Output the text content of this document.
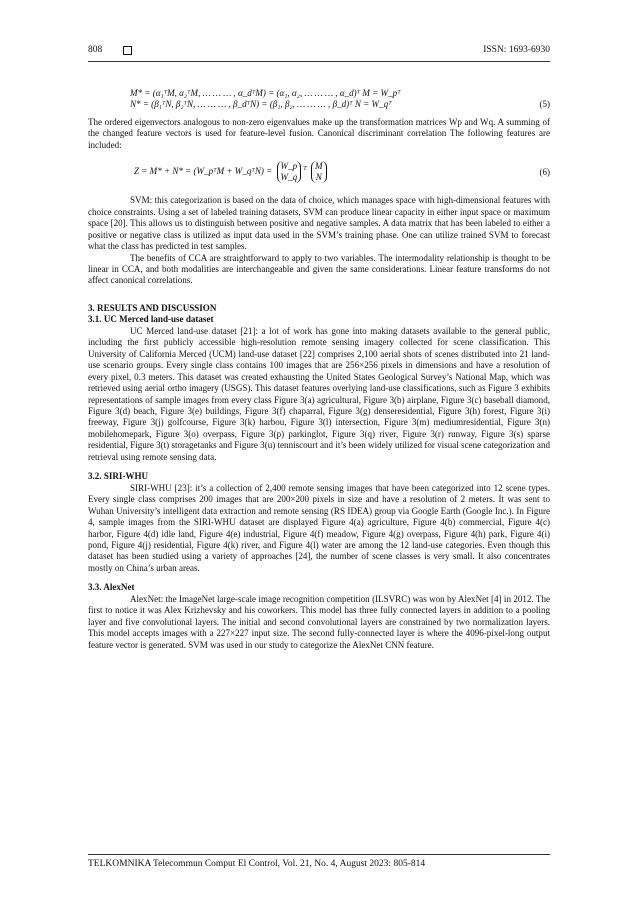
808	ISSN: 1693-6930
M* = (α₁ᵀM, α₂ᵀM, … … … , α_dᵀM) = (α₁, α₂, … … … , α_d)ᵀ M = W_pᵀ
N* = (β₁ᵀN, β₂ᵀN, … … … , β_dᵀN) = (β₁, β₂, … … … , β_d)ᵀ N = W_qᵀ	(5)

The ordered eigenvectors analogous to non-zero eigenvalues make up the transformation matrices Wp and Wq. A summing of the changed feature vectors is used for feature-level fusion. Canonical discriminant correlation The following features are included:

Z = M* + N* = (W_pᵀM + W_qᵀN) = W_p
$W\_q^T$ M
N	(6)

SVM: this categorization is based on the data of choice, which manages space with high-dimensional features with choice constraints. Using a set of labeled training datasets, SVM can produce linear capacity in either input space or maximum space [20]. This allows us to distinguish between positive and negative samples. A data matrix that has been labeled to either a positive or negative class is utilized as input data used in the SVM’s training phase. One can utilize trained SVM to forecast what the class has predicted in test samples.

The benefits of CCA are straightforward to apply to two variables. The intermodality relationship is thought to be linear in CCA, and both modalities are interchangeable and given the same considerations. Linear feature transforms do not affect canonical correlations.

3. RESULTS AND DISCUSSION
3.1. UC Merced land-use dataset

UC Merced land-use dataset [21]: a lot of work has gone into making datasets available to the general public, including the first publicly accessible high-resolution remote sensing imagery collected for scene classification. This University of California Merced (UCM) land-use dataset [22] comprises 2,100 aerial shots of scenes distributed into 21 land-use scenario groups. Every single class contains 100 images that are 256×256 pixels in dimensions and have a resolution of every pixel, 0.3 meters. This dataset was created exhausting the United States Geological Survey’s National Map, which was retrieved using aerial ortho imagery (USGS). This dataset features overlying land-use classifications, such as Figure 3 exhibits representations of sample images from every class Figure 3(a) agricultural, Figure 3(b) airplane, Figure 3(c) baseball diamond, Figure 3(d) beach, Figure 3(e) buildings, Figure 3(f) chaparral, Figure 3(g) denseresidential, Figure 3(h) forest, Figure 3(i) freeway, Figure 3(j) golfcourse, Figure 3(k) harbou, Figure 3(l) intersection, Figure 3(m) mediumresidential, Figure 3(n) mobilehomepark, Figure 3(o) overpass, Figure 3(p) parkinglot, Figure 3(q) river, Figure 3(r) runway, Figure 3(s) sparse residential, Figure 3(t) storagetanks and Figure 3(u) tenniscourt and it’s been widely utilized for visual scene categorization and retrieval using remote sensing data.

3.2. SIRI-WHU

SIRI-WHU [23]: it’s a collection of 2,400 remote sensing images that have been categorized into 12 scene types. Every single class comprises 200 images that are 200×200 pixels in size and have a resolution of 2 meters. It was sent to Wuhan University’s intelligent data extraction and remote sensing (RS IDEA) group via Google Earth (Google Inc.). In Figure 4, sample images from the SIRI-WHU dataset are displayed Figure 4(a) agriculture, Figure 4(b) commercial, Figure 4(c) harbor, Figure 4(d) idle land, Figure 4(e) industrial, Figure 4(f) meadow, Figure 4(g) overpass, Figure 4(h) park, Figure 4(i) pond, Figure 4(j) residential, Figure 4(k) river, and Figure 4(l) water are among the 12 land-use categories. Even though this dataset has been studied using a variety of approaches [24], the number of scene classes is very small. It also concentrates mostly on China’s urban areas.

3.3. AlexNet

AlexNet: the ImageNet large-scale image recognition competition (ILSVRC) was won by AlexNet [4] in 2012. The first to notice it was Alex Krizhevsky and his coworkers. This model has three fully connected layers in addition to a pooling layer and five convolutional layers. The initial and second convolutional layers are constrained by two normalization layers. This model accepts images with a 227×227 input size. The second fully-connected layer is where the 4096-pixel-long output feature vector is generated. SVM was used in our study to categorize the AlexNet CNN feature.

TELKOMNIKA Telecommun Comput El Control, Vol. 21, No. 4, August 2023: 805-814
